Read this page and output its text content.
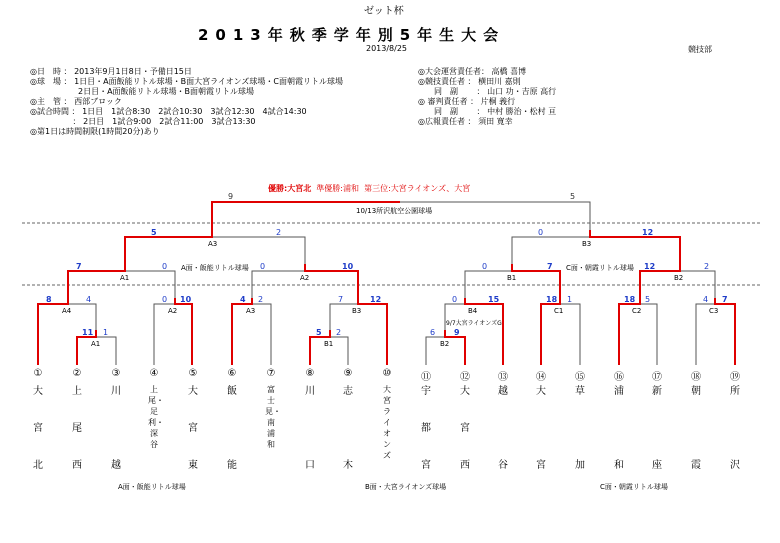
ゼット杯
2013年秋季学年別5年生大会
2013/8/25	競技部
◎日　時 ： 2013年9月1日8日・予備日15日
◎球　場 ： 1日目・A面飯能リトル球場・B面大宮ライオンズ球場・C面朝霞リトル球場
　　　　　　2日目・A面飯能リトル球場・B面朝霞リトル球場
◎主　管 ： 西部ブロック
◎試合時間 ： 1日目　1試合8:30　2試合10:30　3試合12:30　4試合14:30
　　　　　 ： 2日目　1試合9:00　2試合11:00　3試合13:30
◎第1日は時間制限(1時間20分)あり
◎大会運営責任者： 高橋 喜博
◎競技責任者 ： 横田川 嘉則
　　同　副　　 ： 山口 功・吉原 高行
◎ 審判責任者 ： 片桐 義行
　　同　副　　 ： 中村 勝治・松村 亘
◎広報責任者 ： 須田 寛幸
優勝:大宮北 準優勝:浦和 第三位:大宮ライオンズ、大宮
9	5
10/13所沢航空公園球場
A3	B3
5	2	0	12
A1	A2	B1	B2
A面・飯能リトル球場	C面・朝霞リトル球場
7	0	0	10	0	7	12	2
A4	A2	A3	B3	B4	C1	C2	C3
9/7大宮ライオンズG
8	4	0 10	4 2	7	12	0	15	18 1	18 5	4 7
A1	B1	B2
11 1	5 2	6 9
①
大
宮
北
②
上
尾
西
③
川
越
④
上尾・足利・深谷
⑤
大
宮
東
⑥
飯
能
⑦
富士見・南浦和
⑧
川
口
⑨
志
木
⑩
大宮ライオンズ
⑪
宇
都
宮
⑫
大
宮
西
⑬
越
谷
⑭
大
宮
⑮
草
加
⑯
浦
和
⑰
新
座
⑱
朝
霞
⑲
所
沢
A面・飯能リトル球場	B面・大宮ライオンズ球場	C面・朝霞リトル球場
